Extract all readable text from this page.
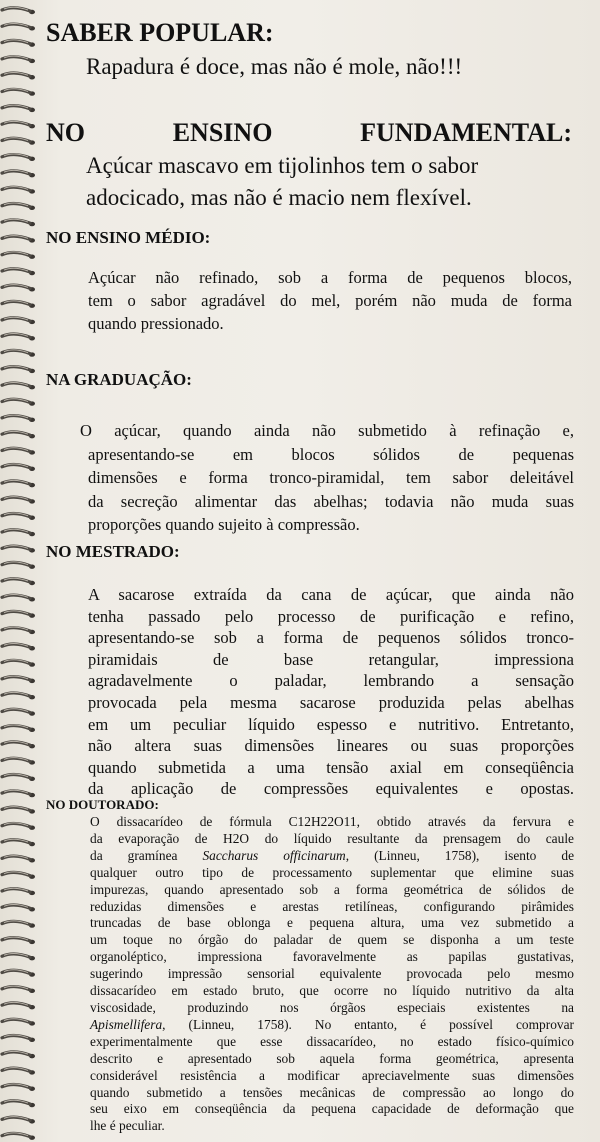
SABER POPULAR:
Rapadura é doce, mas não é mole, não!!!
NO	ENSINO	FUNDAMENTAL:
Açúcar mascavo em tijolinhos tem o sabor
adocicado, mas não é macio nem flexível.
NO ENSINO MÉDIO:
Açúcar não refinado, sob a forma de pequenos blocos,
tem o sabor agradável do mel, porém não muda de forma
quando pressionado.
NA GRADUAÇÃO:
O açúcar, quando ainda não submetido à refinação e,
apresentando-se em blocos sólidos de pequenas
dimensões e forma tronco-piramidal, tem sabor deleitável
da secreção alimentar das abelhas; todavia não muda suas
proporções quando sujeito à compressão.
NO MESTRADO:
A sacarose extraída da cana de açúcar, que ainda não
tenha passado pelo processo de purificação e refino,
apresentando-se sob a forma de pequenos sólidos tronco-
piramidais de base retangular, impressiona
agradavelmente o paladar, lembrando a sensação
provocada pela mesma sacarose produzida pelas abelhas
em um peculiar líquido espesso e nutritivo. Entretanto,
não altera suas dimensões lineares ou suas proporções
quando submetida a uma tensão axial em conseqüência
da aplicação de compressões equivalentes e opostas.
NO DOUTORADO:
O dissacarídeo de fórmula C12H22O11, obtido através da fervura e
da evaporação de H2O do líquido resultante da prensagem do caule
da gramínea Saccharus officinarum, (Linneu, 1758), isento de
qualquer outro tipo de processamento suplementar que elimine suas
impurezas, quando apresentado sob a forma geométrica de sólidos de
reduzidas dimensões e arestas retilíneas, configurando pirâmides
truncadas de base oblonga e pequena altura, uma vez submetido a
um toque no órgão do paladar de quem se disponha a um teste
organoléptico, impressiona favoravelmente as papilas gustativas,
sugerindo impressão sensorial equivalente provocada pelo mesmo
dissacarídeo em estado bruto, que ocorre no líquido nutritivo da alta
viscosidade, produzindo nos órgãos especiais existentes na
Apismellifera, (Linneu, 1758). No entanto, é possível comprovar
experimentalmente que esse dissacarídeo, no estado físico-químico
descrito e apresentado sob aquela forma geométrica, apresenta
considerável resistência a modificar apreciavelmente suas dimensões
quando submetido a tensões mecânicas de compressão ao longo do
seu eixo em conseqüência da pequena capacidade de deformação que
lhe é peculiar.
